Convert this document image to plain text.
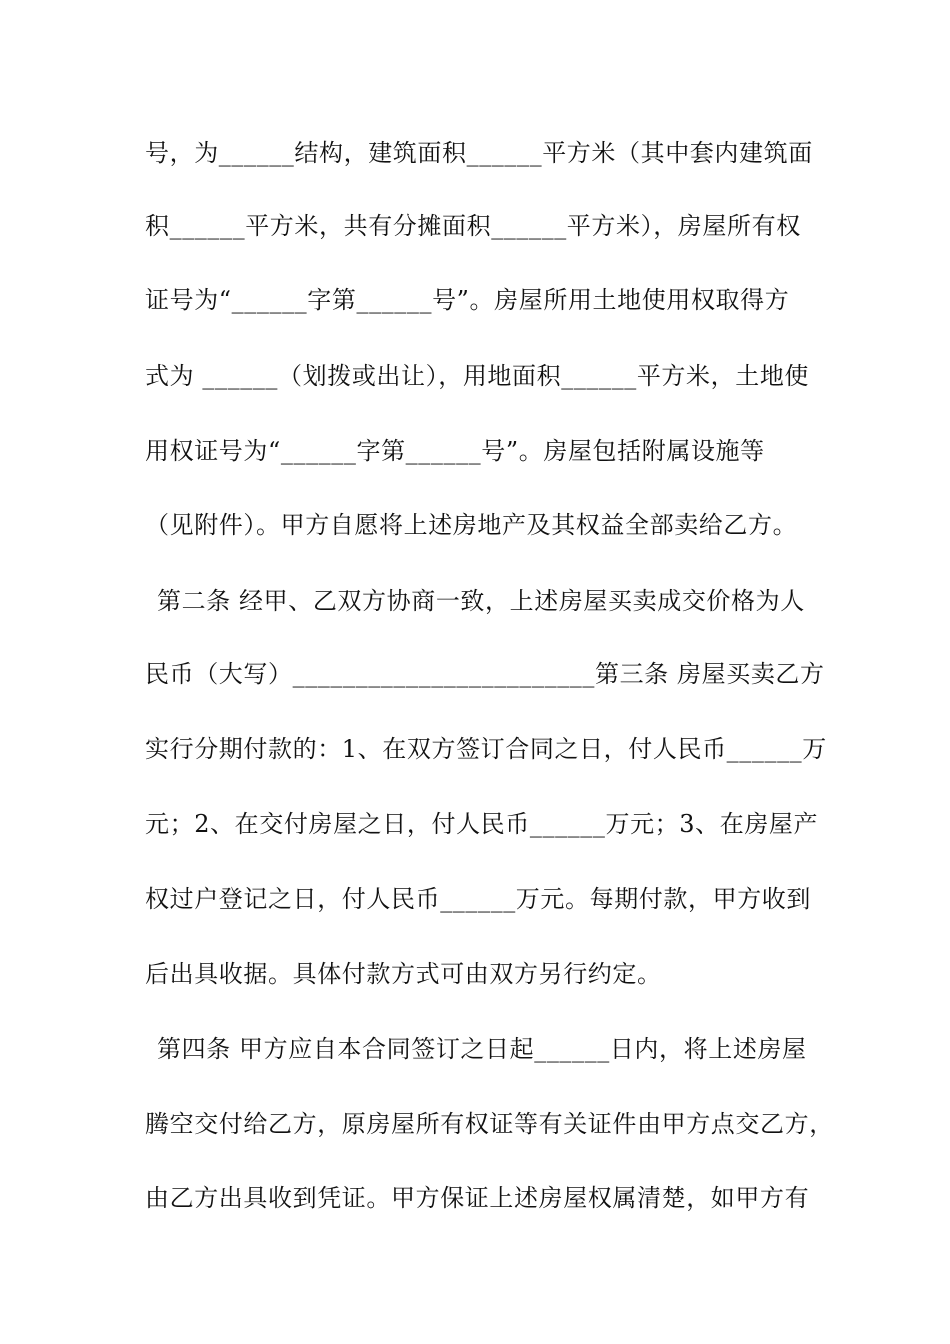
号，为______结构，建筑面积______平方米（其中套内建筑面
积______平方米，共有分摊面积______平方米），房屋所有权
证号为“______字第______号”。房屋所用土地使用权取得方
式为 ______（划拨或出让），用地面积______平方米，土地使
用权证号为“______字第______号”。房屋包括附属设施等
（见附件）。甲方自愿将上述房地产及其权益全部卖给乙方。
第二条 经甲、乙双方协商一致，上述房屋买卖成交价格为人
民币（大写）________________________第三条 房屋买卖乙方
实行分期付款的：1、在双方签订合同之日，付人民币______万
元；2、在交付房屋之日，付人民币______万元；3、在房屋产
权过户登记之日，付人民币______万元。每期付款，甲方收到
后出具收据。具体付款方式可由双方另行约定。
第四条 甲方应自本合同签订之日起______日内，将上述房屋
腾空交付给乙方，原房屋所有权证等有关证件由甲方点交乙方，
由乙方出具收到凭证。甲方保证上述房屋权属清楚，如甲方有
